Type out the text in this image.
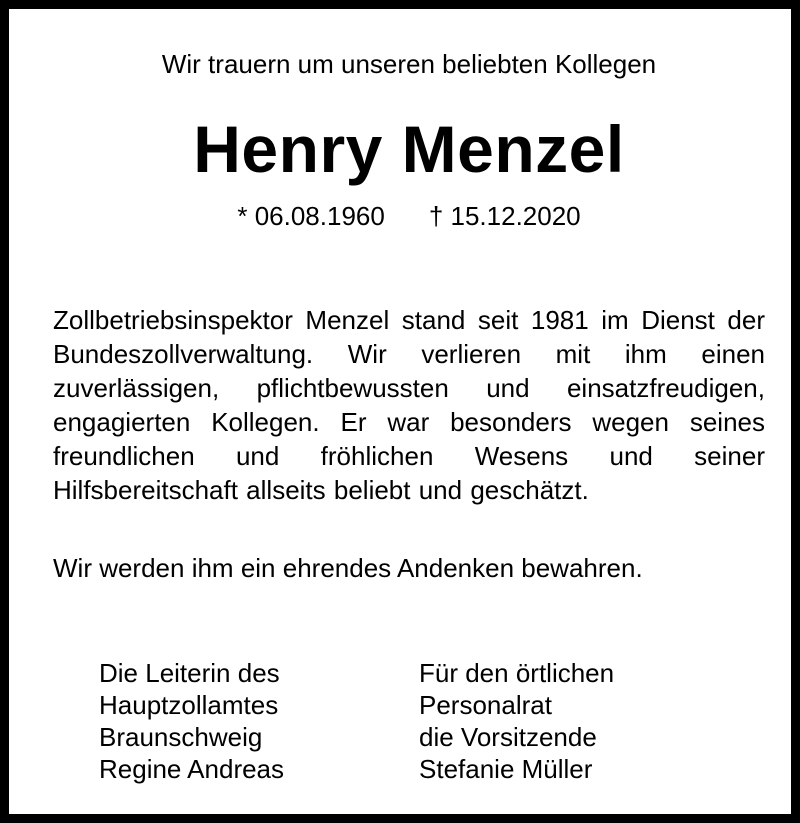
Wir trauern um unseren beliebten Kollegen
Henry Menzel
* 06.08.1960 † 15.12.2020
Zollbetriebsinspektor Menzel stand seit 1981 im Dienst der Bundeszollverwaltung. Wir verlieren mit ihm einen zuverlässigen, pflichtbewussten und einsatzfreudigen, engagierten Kollegen. Er war besonders wegen seines freundlichen und fröhlichen Wesens und seiner Hilfsbereitschaft allseits beliebt und geschätzt.
Wir werden ihm ein ehrendes Andenken bewahren.
Die Leiterin des
Hauptzollamtes
Braunschweig
Regine Andreas
Für den örtlichen
Personalrat
die Vorsitzende
Stefanie Müller
